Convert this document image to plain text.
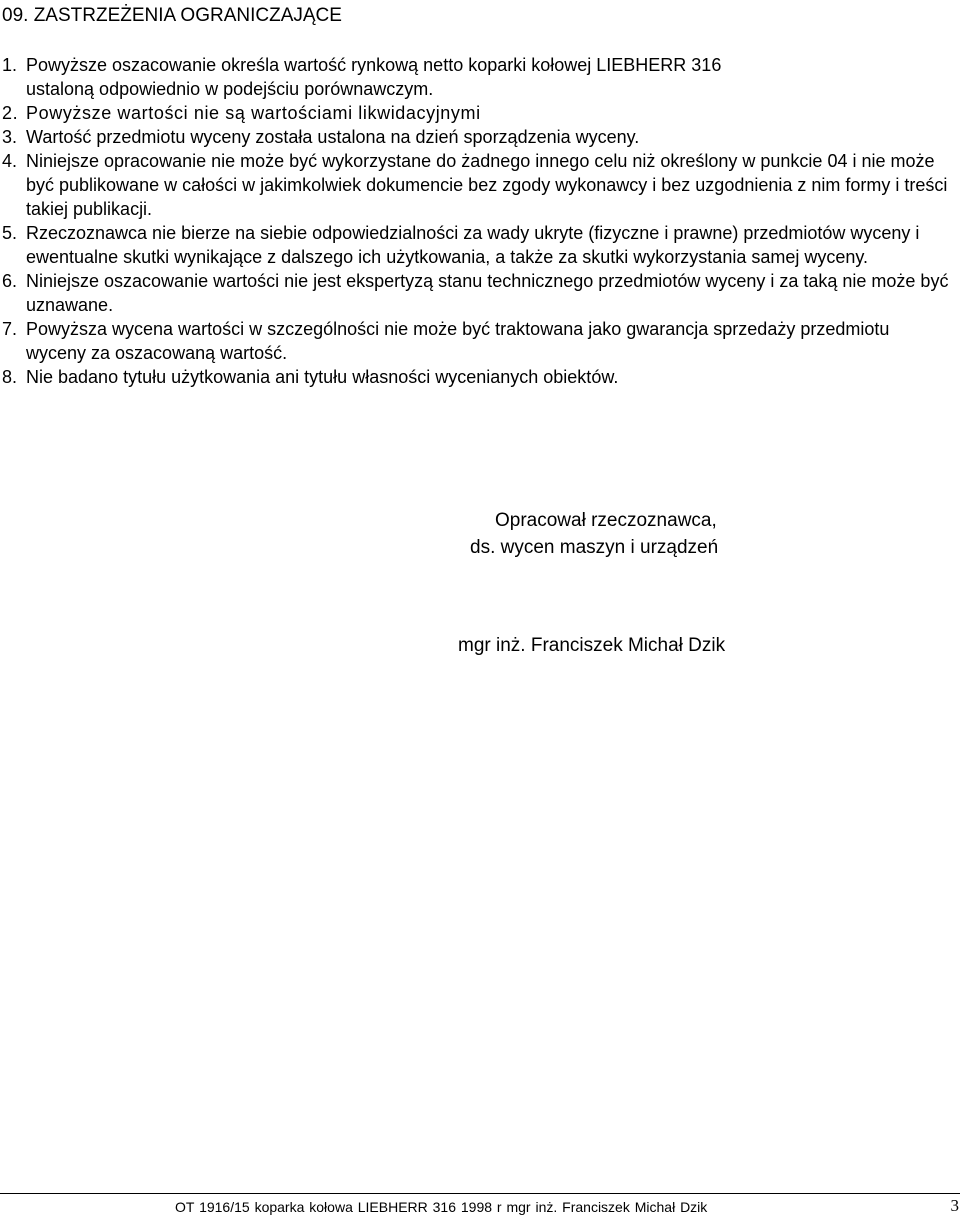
09. ZASTRZEŻENIA OGRANICZAJĄCE
1. Powyższe oszacowanie określa wartość rynkową netto koparki kołowej LIEBHERR 316
ustaloną odpowiednio w podejściu porównawczym.
2. Powyższe wartości nie są wartościami likwidacyjnymi
3. Wartość przedmiotu wyceny została ustalona na dzień sporządzenia wyceny.
4. Niniejsze opracowanie nie może być wykorzystane do żadnego innego celu niż określony w punkcie 04 i nie może być publikowane w całości w jakimkolwiek dokumencie bez zgody wykonawcy i bez uzgodnienia z nim formy i treści takiej publikacji.
5. Rzeczoznawca nie bierze na siebie odpowiedzialności za wady ukryte (fizyczne i prawne) przedmiotów wyceny i ewentualne skutki wynikające z dalszego ich użytkowania, a także za skutki wykorzystania samej wyceny.
6. Niniejsze oszacowanie wartości nie jest ekspertyzą stanu technicznego przedmiotów wyceny i za taką nie może być uznawane.
7. Powyższa wycena wartości w szczególności nie może być traktowana jako gwarancja sprzedaży przedmiotu wyceny za oszacowaną wartość.
8. Nie badano tytułu użytkowania ani tytułu własności wycenianych obiektów.
Opracował rzeczoznawca,
ds. wycen maszyn i urządzeń
mgr inż. Franciszek Michał Dzik
OT 1916/15 koparka kołowa LIEBHERR 316 1998 r mgr inż. Franciszek Michał Dzik	3
